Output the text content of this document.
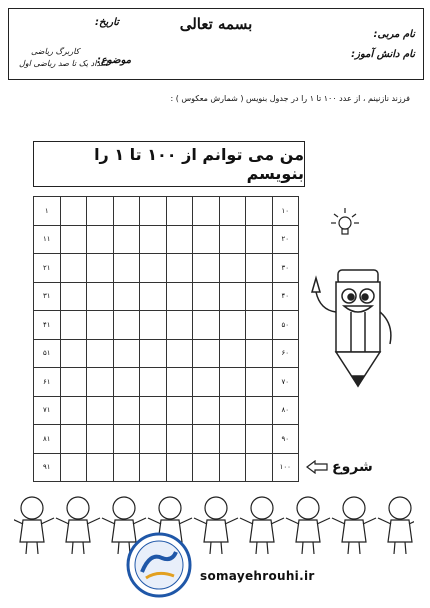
بسمه تعالی
تاریخ:
نام مربی:
نام دانش آموز:
موضوع:
کاربرگ ریاضی
اعداد یک تا صد ریاضی اول
فرزند نازنینم ، از عدد ۱۰۰ تا ۱ را در جدول بنویس ( شمارش معکوس ) :
من می توانم از ۱۰۰ تا ۱ را بنویسم
۱									۱۰
۱۱									۲۰
۲۱									۳۰
۳۱									۴۰
۴۱									۵۰
۵۱									۶۰
۶۱									۷۰
۷۱									۸۰
۸۱									۹۰
۹۱									۱۰۰	شروع
somayehrouhi.ir
